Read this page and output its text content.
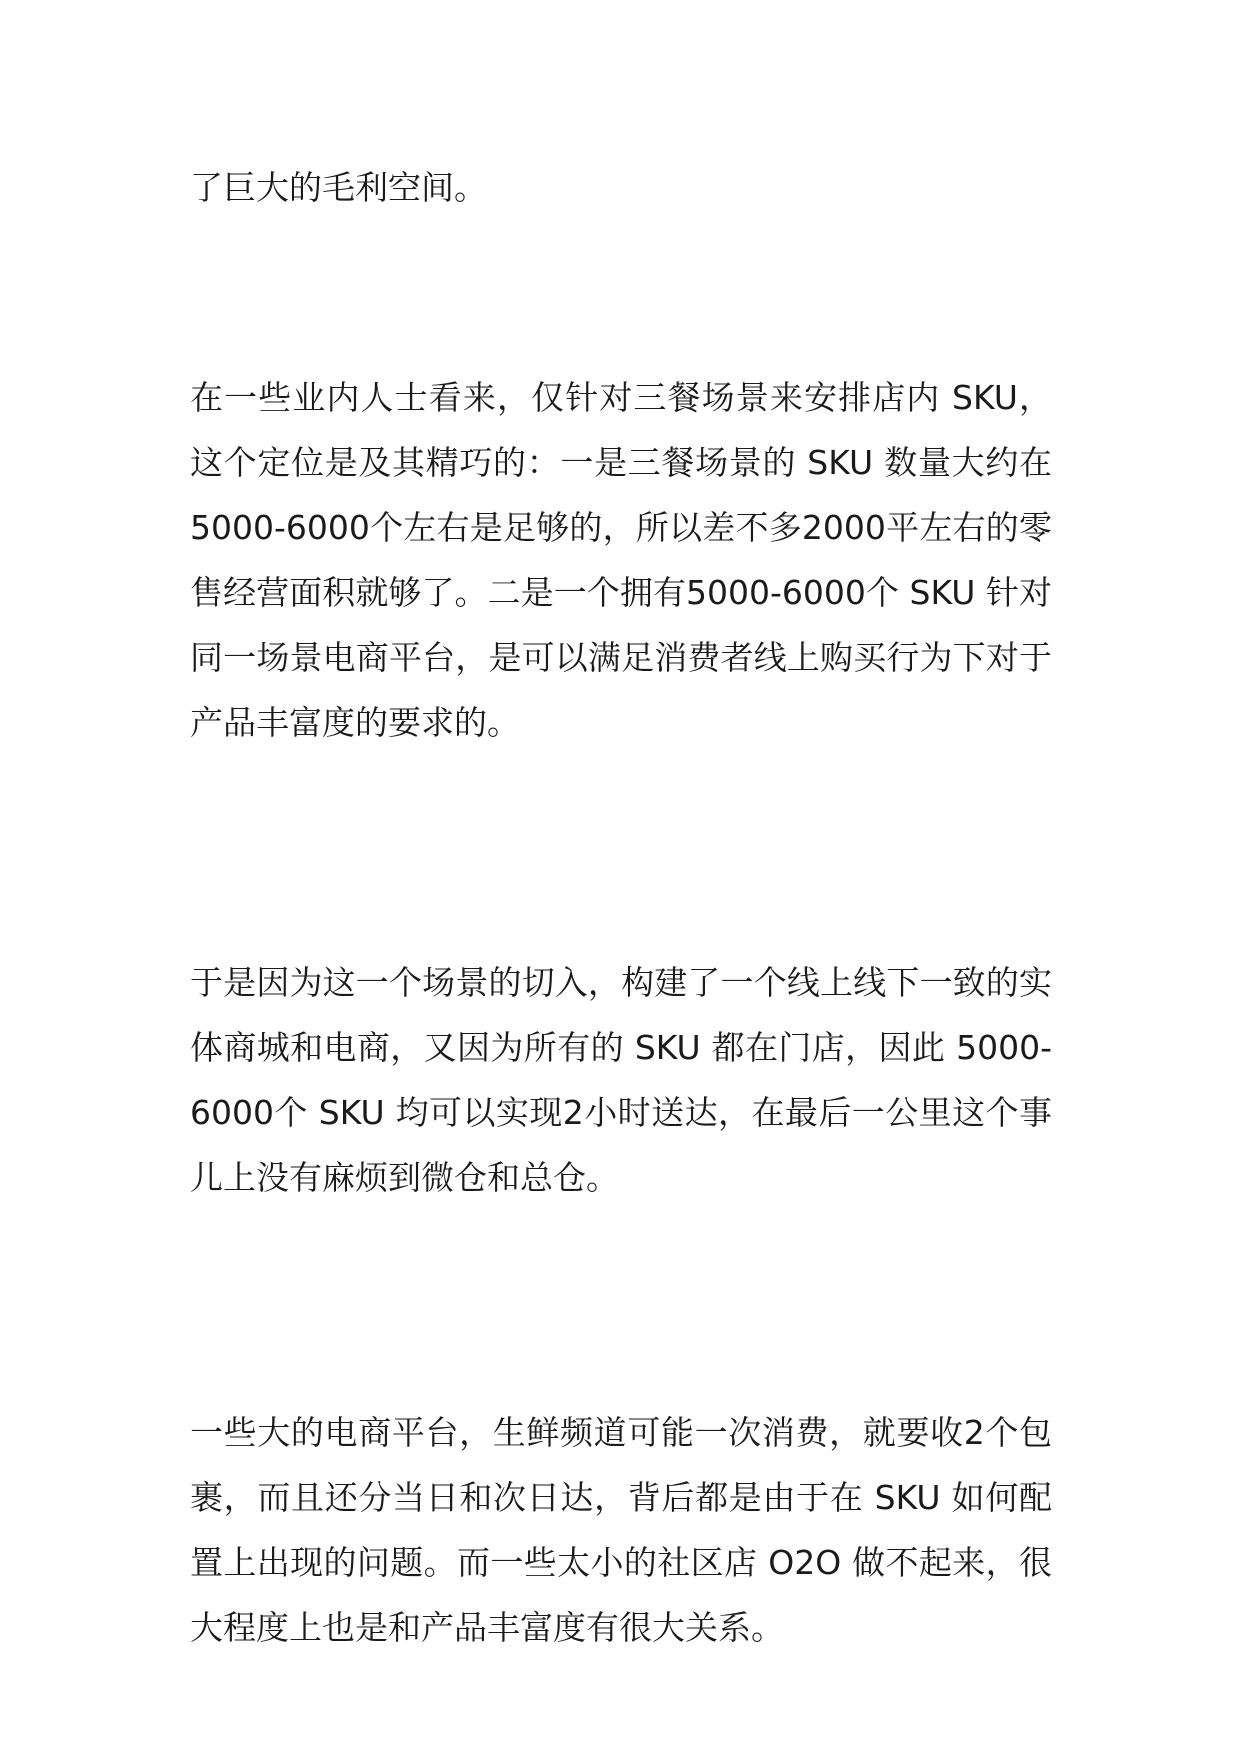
了巨大的毛利空间。

在一些业内人士看来，仅针对三餐场景来安排店内 SKU，这个定位是及其精巧的：一是三餐场景的 SKU 数量大约在 5000-6000个左右是足够的，所以差不多2000平左右的零售经营面积就够了。二是一个拥有5000-6000个 SKU 针对同一场景电商平台，是可以满足消费者线上购买行为下对于产品丰富度的要求的。

于是因为这一个场景的切入，构建了一个线上线下一致的实体商城和电商，又因为所有的 SKU 都在门店，因此 5000-6000个 SKU 均可以实现2小时送达，在最后一公里这个事儿上没有麻烦到微仓和总仓。

一些大的电商平台，生鲜频道可能一次消费，就要收2个包裹，而且还分当日和次日达，背后都是由于在 SKU 如何配置上出现的问题。而一些太小的社区店 O2O 做不起来，很大程度上也是和产品丰富度有很大关系。
